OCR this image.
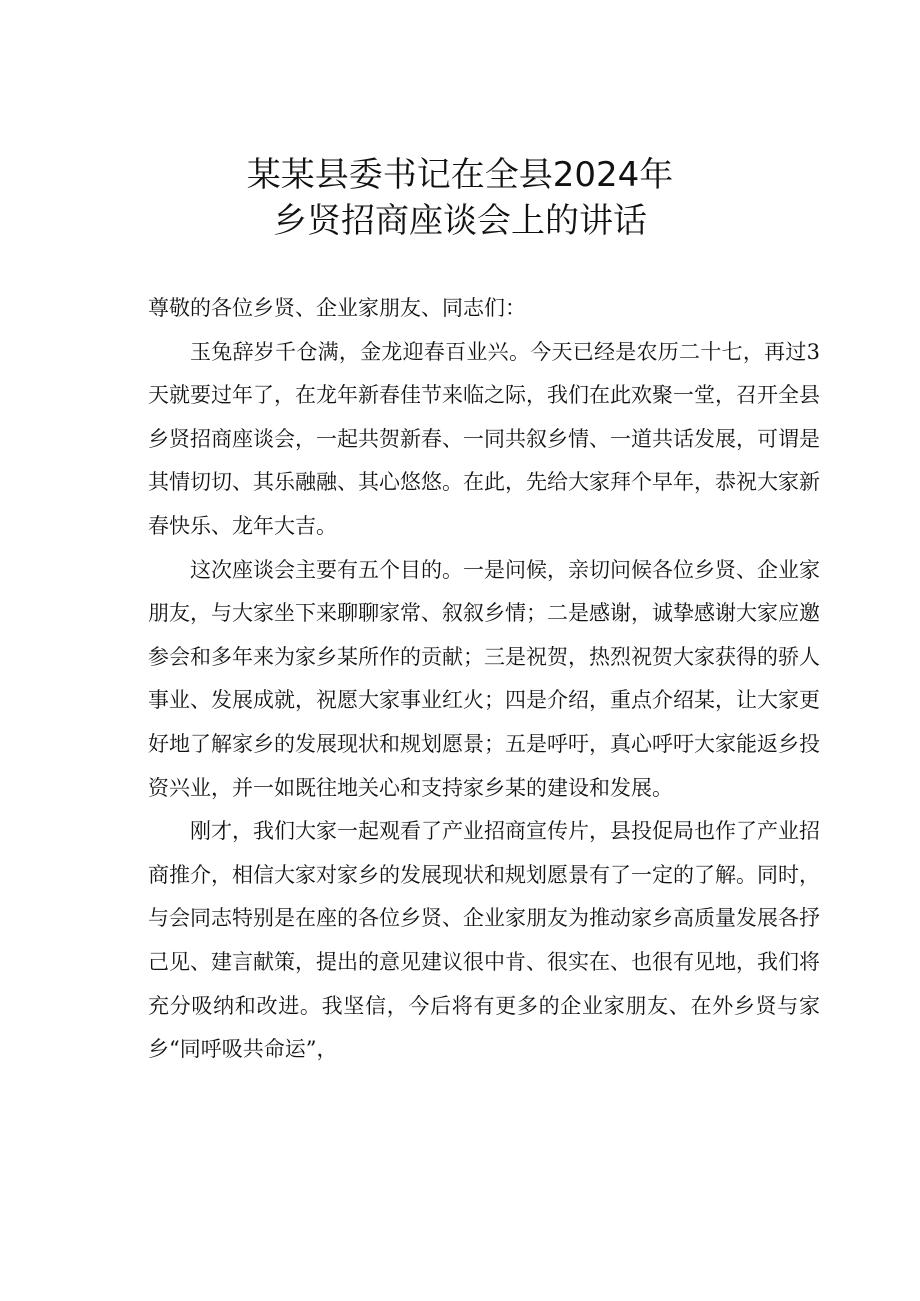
某某县委书记在全县2024年
乡贤招商座谈会上的讲话

尊敬的各位乡贤、企业家朋友、同志们：

玉兔辞岁千仓满，金龙迎春百业兴。今天已经是农历二十七，再过3天就要过年了，在龙年新春佳节来临之际，我们在此欢聚一堂，召开全县乡贤招商座谈会，一起共贺新春、一同共叙乡情、一道共话发展，可谓是其情切切、其乐融融、其心悠悠。在此，先给大家拜个早年，恭祝大家新春快乐、龙年大吉。

这次座谈会主要有五个目的。一是问候，亲切问候各位乡贤、企业家朋友，与大家坐下来聊聊家常、叙叙乡情；二是感谢，诚挚感谢大家应邀参会和多年来为家乡某所作的贡献；三是祝贺，热烈祝贺大家获得的骄人事业、发展成就，祝愿大家事业红火；四是介绍，重点介绍某，让大家更好地了解家乡的发展现状和规划愿景；五是呼吁，真心呼吁大家能返乡投资兴业，并一如既往地关心和支持家乡某的建设和发展。

刚才，我们大家一起观看了产业招商宣传片，县投促局也作了产业招商推介，相信大家对家乡的发展现状和规划愿景有了一定的了解。同时，与会同志特别是在座的各位乡贤、企业家朋友为推动家乡高质量发展各抒己见、建言献策，提出的意见建议很中肯、很实在、也很有见地，我们将充分吸纳和改进。我坚信，今后将有更多的企业家朋友、在外乡贤与家乡“同呼吸共命运”，
